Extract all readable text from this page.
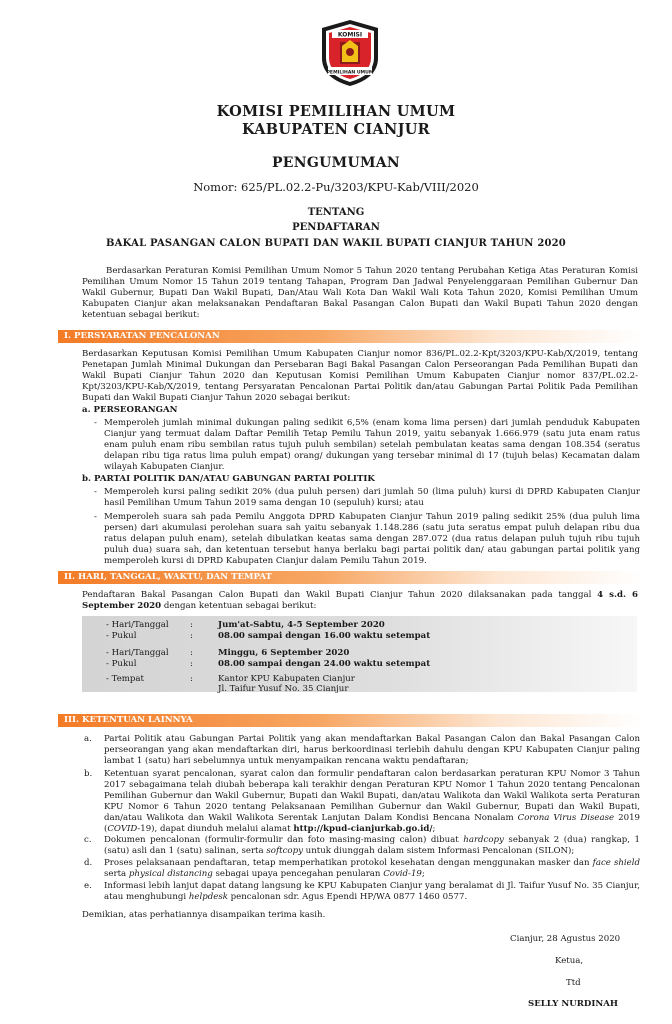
KOMISI
PEMILIHAN UMUM
KOMISI PEMILIHAN UMUM
KABUPATEN CIANJUR
PENGUMUMAN
Nomor: 625/PL.02.2-Pu/3203/KPU-Kab/VIII/2020
TENTANG
PENDAFTARAN
BAKAL PASANGAN CALON BUPATI DAN WAKIL BUPATI CIANJUR TAHUN 2020
Berdasarkan Peraturan Komisi Pemilihan Umum Nomor 5 Tahun 2020 tentang Perubahan Ketiga Atas Peraturan Komisi Pemilihan Umum Nomor 15 Tahun 2019 tentang Tahapan, Program Dan Jadwal Penyelenggaraan Pemilihan Gubernur Dan Wakil Gubernur, Bupati Dan Wakil Bupati, Dan/Atau Wali Kota Dan Wakil Wali Kota Tahun 2020, Komisi Pemilihan Umum Kabupaten Cianjur akan melaksanakan Pendaftaran Bakal Pasangan Calon Bupati dan Wakil Bupati Tahun 2020 dengan ketentuan sebagai berikut:
I. PERSYARATAN PENCALONAN
Berdasarkan Keputusan Komisi Pemilihan Umum Kabupaten Cianjur nomor 836/PL.02.2-Kpt/3203/KPU-Kab/X/2019, tentang Penetapan Jumlah Minimal Dukungan dan Persebaran Bagi Bakal Pasangan Calon Perseorangan Pada Pemilihan Bupati dan Wakil Bupati Cianjur Tahun 2020 dan Keputusan Komisi Pemilihan Umum Kabupaten Cianjur nomor 837/PL.02.2-Kpt/3203/KPU-Kab/X/2019, tentang Persyaratan Pencalonan Partai Politik dan/atau Gabungan Partai Politik Pada Pemilihan Bupati dan Wakil Bupati Cianjur Tahun 2020 sebagai berikut:
a. PERSEORANGAN
- Memperoleh jumlah minimal dukungan paling sedikit 6,5% (enam koma lima persen) dari jumlah penduduk Kabupaten Cianjur yang termuat dalam Daftar Pemilih Tetap Pemilu Tahun 2019, yaitu sebanyak 1.666.979 (satu juta enam ratus enam puluh enam ribu sembilan ratus tujuh puluh sembilan) setelah pembulatan keatas sama dengan 108.354 (seratus delapan ribu tiga ratus lima puluh empat) orang/ dukungan yang tersebar minimal di 17 (tujuh belas) Kecamatan dalam wilayah Kabupaten Cianjur.
b. PARTAI POLITIK DAN/ATAU GABUNGAN PARTAI POLITIK
- Memperoleh kursi paling sedikit 20% (dua puluh persen) dari jumlah 50 (lima puluh) kursi di DPRD Kabupaten Cianjur hasil Pemilihan Umum Tahun 2019 sama dengan 10 (sepuluh) kursi; atau
- Memperoleh suara sah pada Pemilu Anggota DPRD Kabupaten Cianjur Tahun 2019 paling sedikit 25% (dua puluh lima persen) dari akumulasi perolehan suara sah yaitu sebanyak 1.148.286 (satu juta seratus empat puluh delapan ribu dua ratus delapan puluh enam), setelah dibulatkan keatas sama dengan 287.072 (dua ratus delapan puluh tujuh ribu tujuh puluh dua) suara sah, dan ketentuan tersebut hanya berlaku bagi partai politik dan/ atau gabungan partai politik yang memperoleh kursi di DPRD Kabupaten Cianjur dalam Pemilu Tahun 2019.
II. HARI, TANGGAL, WAKTU, DAN TEMPAT
Pendaftaran Bakal Pasangan Calon Bupati dan Wakil Bupati Cianjur Tahun 2020 dilaksanakan pada tanggal 4 s.d. 6 September 2020 dengan ketentuan sebagai berikut:
- Hari/Tanggal :	Jum'at-Sabtu, 4-5 September 2020
- Pukul	:	08.00 sampai dengan 16.00 waktu setempat
- Hari/Tanggal :	Minggu, 6 September 2020
- Pukul	:	08.00 sampai dengan 24.00 waktu setempat
- Tempat	:	Kantor KPU Kabupaten Cianjur
Jl. Taifur Yusuf No. 35 Cianjur
III. KETENTUAN LAINNYA
a. Partai Politik atau Gabungan Partai Politik yang akan mendaftarkan Bakal Pasangan Calon dan Bakal Pasangan Calon perseorangan yang akan mendaftarkan diri, harus berkoordinasi terlebih dahulu dengan KPU Kabupaten Cianjur paling lambat 1 (satu) hari sebelumnya untuk menyampaikan rencana waktu pendaftaran;
b. Ketentuan syarat pencalonan, syarat calon dan formulir pendaftaran calon berdasarkan peraturan KPU Nomor 3 Tahun 2017 sebagaimana telah diubah beberapa kali terakhir dengan Peraturan KPU Nomor 1 Tahun 2020 tentang Pencalonan Pemilihan Gubernur dan Wakil Gubernur, Bupati dan Wakil Bupati, dan/atau Walikota dan Wakil Walikota serta Peraturan KPU Nomor 6 Tahun 2020 tentang Pelaksanaan Pemilihan Gubernur dan Wakil Gubernur, Bupati dan Wakil Bupati, dan/atau Walikota dan Wakil Walikota Serentak Lanjutan Dalam Kondisi Bencana Nonalam Corona Virus Disease 2019 (COVID-19), dapat diunduh melalui alamat http://kpud-cianjurkab.go.id/;
c. Dokumen pencalonan (formulir-formulir dan foto masing-masing calon) dibuat hardcopy sebanyak 2 (dua) rangkap, 1 (satu) asli dan 1 (satu) salinan, serta softcopy untuk diunggah dalam sistem Informasi Pencalonan (SILON);
d. Proses pelaksanaan pendaftaran, tetap memperhatikan protokol kesehatan dengan menggunakan masker dan face shield serta physical distancing sebagai upaya pencegahan penularan Covid-19;
e. Informasi lebih lanjut dapat datang langsung ke KPU Kabupaten Cianjur yang beralamat di Jl. Taifur Yusuf No. 35 Cianjur, atau menghubungi helpdesk pencalonan sdr. Agus Ependi HP/WA 0877 1460 0577.
Demikian, atas perhatiannya disampaikan terima kasih.
Cianjur, 28 Agustus 2020
Ketua,
Ttd
SELLY NURDINAH
